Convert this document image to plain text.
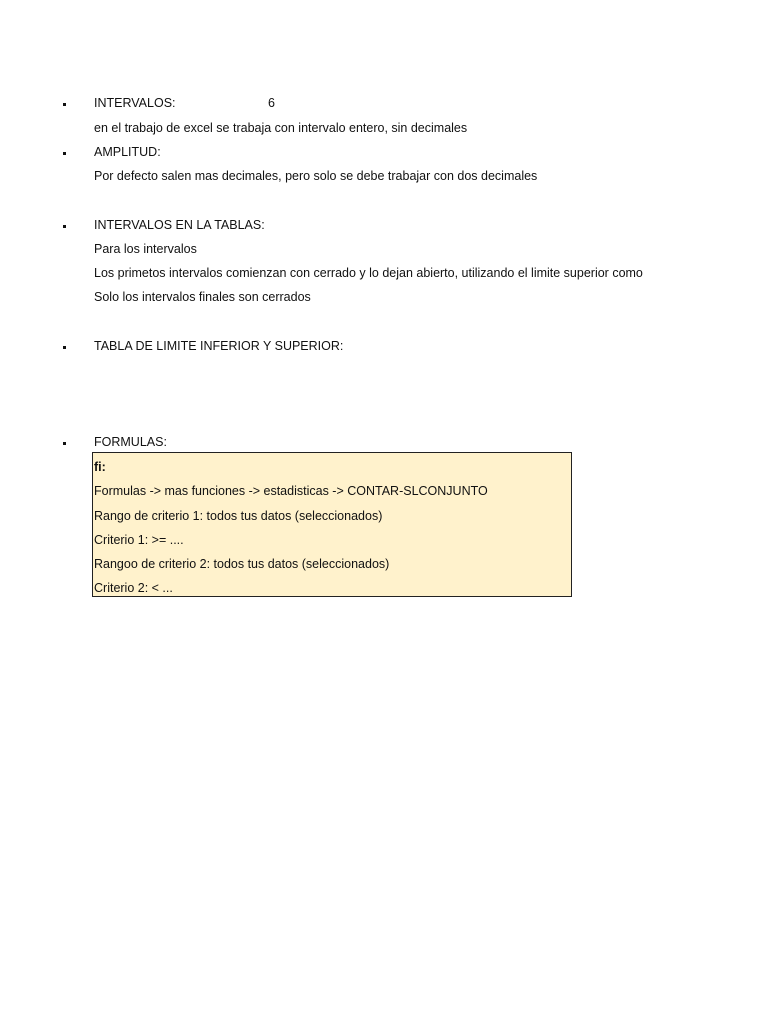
INTERVALOS:	6
en el trabajo de excel se trabaja con intervalo entero, sin decimales
AMPLITUD:
Por defecto salen mas decimales, pero solo se debe trabajar con dos decimales
INTERVALOS EN LA TABLAS:
Para los intervalos
Los primetos intervalos comienzan con cerrado y lo dejan abierto, utilizando el limite superior como
Solo los intervalos finales son cerrados
TABLA DE LIMITE INFERIOR Y SUPERIOR:
FORMULAS:
fi:
Formulas -> mas funciones -> estadisticas -> CONTAR-SLCONJUNTO
Rango de criterio 1: todos tus datos (seleccionados)
Criterio 1: >= ....
Rangoo de criterio 2: todos tus datos (seleccionados)
Criterio 2: < ...
